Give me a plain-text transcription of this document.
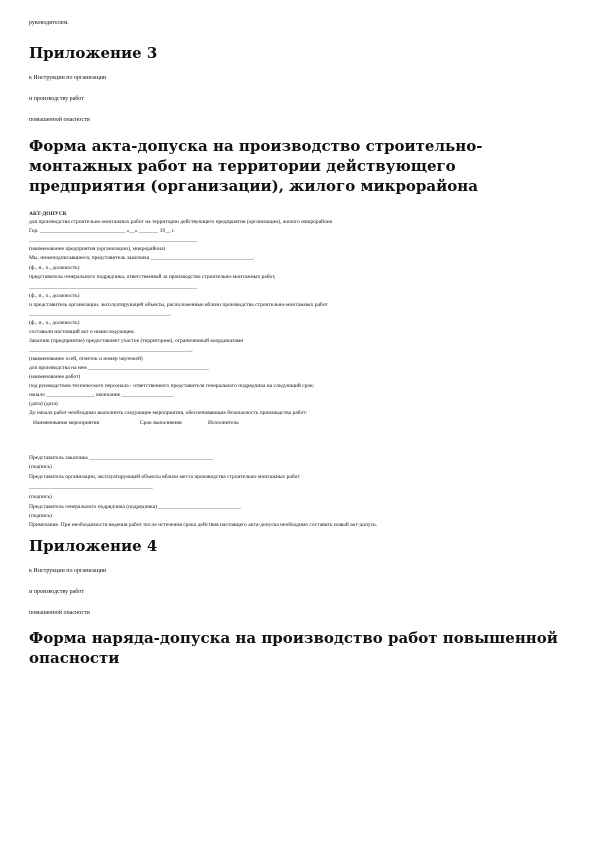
руководителем.
Приложение 3
к Инструкции по организации
и производству работ
повышенной опасности
Форма акта-допуска на производство строительно-монтажных работ на территории действующего предприятия (организации), жилого микрорайона
АКТ-ДОПУСК
для производства строительно-монтажных работ на территории действующего предприятия (организации), жилого микрорайона
Гор. _______________________________ «__» _______ 19__ г.
_____________________________________________________________
(наименование предприятия (организации), микрорайона)
Мы, нижеподписавшиеся, представитель заказчика _____________________________________,
(ф., и., о., должность)
представитель генерального подрядчика, ответственный за производство строительно-монтажных работ,
_____________________________________________________________
(ф., и., о., должность)
и представитель организации, эксплуатирующей объекты, расположенные вблизи производства строительно-монтажных работ
___________________________________________________,
(ф., и., о., должность)
составили настоящий акт о нижеследующем.
Заказчик (предприятие) предоставляет участок (территорию), ограниченный координатами
___________________________________________________________,
(наименование осей, отметок и номер чертежей)
для производства на нем ____________________________________________
(наименование работ)
под руководством технического персонала - ответственного представителя генерального подрядчика на следующий срок:
начало _________________, окончание ___________________
(дата) (дата)
До начала работ необходимо выполнить следующие мероприятия, обеспечивающие безопасность производства работ:
Наименование мероприятия	Срок выполнения	Исполнитель
Представитель заказчика _____________________________________________
(подпись)
Представитель организации, эксплуатирующей объекты вблизи места производства строительно-монтажных работ
_____________________________________________
(подпись)
Представитель генерального подрядчика (подрядчика) ______________________________
(подпись)
Примечание. При необходимости ведения работ после истечения срока действия настоящего акта-допуска необходимо составить новый акт-допуск.
Приложение 4
к Инструкции по организации
и производству работ
повышенной опасности
Форма наряда-допуска на производство работ повышенной опасности
